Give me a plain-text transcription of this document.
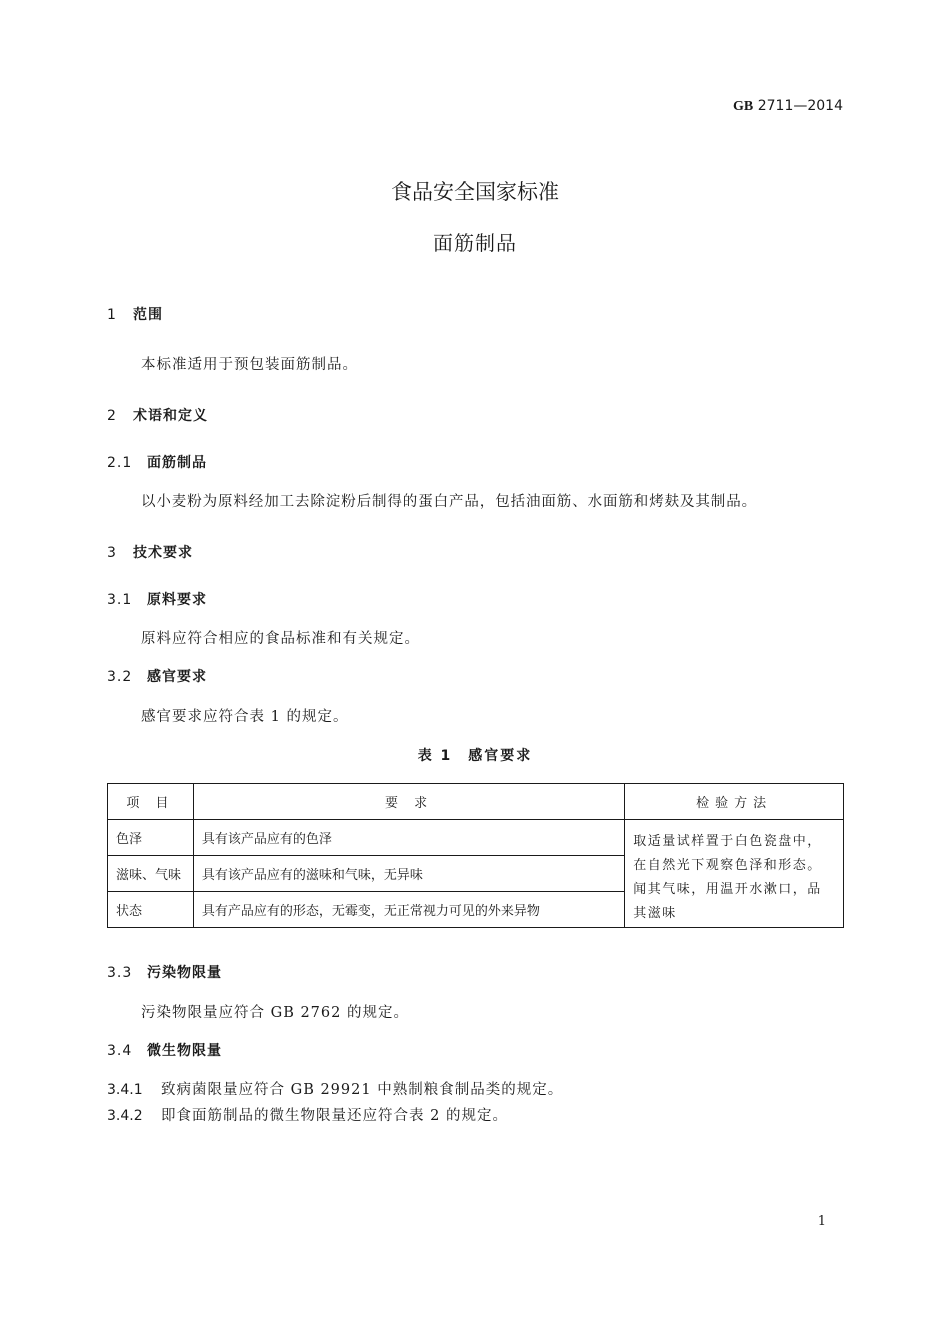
GB 2711—2014
食品安全国家标准
面筋制品
1 范围
本标准适用于预包装面筋制品。
2 术语和定义
2.1 面筋制品
以小麦粉为原料经加工去除淀粉后制得的蛋白产品，包括油面筋、水面筋和烤麸及其制品。
3 技术要求
3.1 原料要求
原料应符合相应的食品标准和有关规定。
3.2 感官要求
感官要求应符合表 1 的规定。
表 1　感官要求
项 目	要 求	检验方法
色泽	具有该产品应有的色泽	取适量试样置于白色瓷盘中，在自然光下观察色泽和形态。闻其气味，用温开水漱口，品其滋味
滋味、气味	具有该产品应有的滋味和气味，无异味	
状态	具有产品应有的形态，无霉变，无正常视力可见的外来异物	
3.3 污染物限量
污染物限量应符合 GB 2762 的规定。
3.4 微生物限量
3.4.1 致病菌限量应符合 GB 29921 中熟制粮食制品类的规定。
3.4.2 即食面筋制品的微生物限量还应符合表 2 的规定。
1
